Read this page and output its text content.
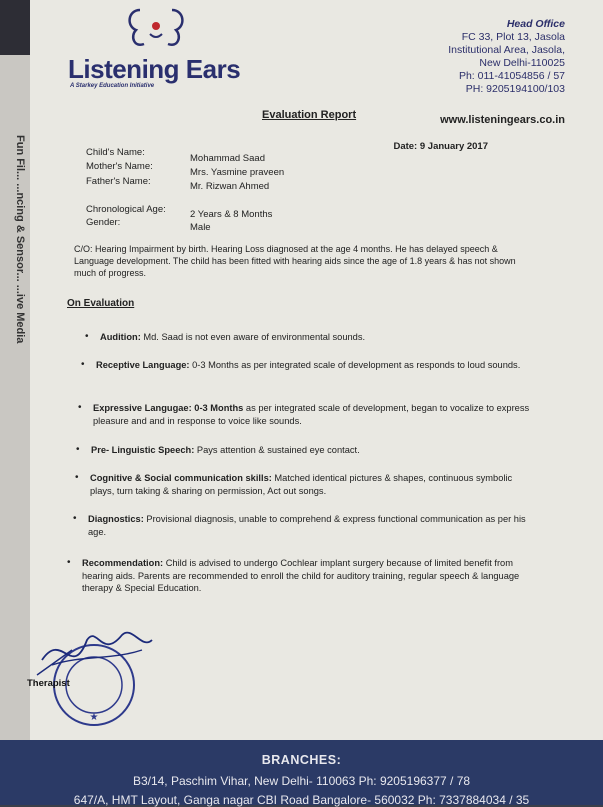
Fun Fil... ...ncing & Sensor... ...ive Media
Listening Ears
A Starkey Education Initiative
Head Office
FC 33, Plot 13, Jasola
Institutional Area, Jasola,
New Delhi-110025
Ph: 011-41054856 / 57
PH: 9205194100/103
www.listeningears.co.in
Evaluation Report
Date: 9 January 2017
Child's Name:
Mohammad Saad
Mother's Name:
Mrs. Yasmine praveen
Father's Name:	Mr. Rizwan Ahmed
Chronological Age:	2 Years & 8 Months
Gender:	Male
C/O: Hearing Impairment by birth. Hearing Loss diagnosed at the age 4 months. He has delayed speech & Language development. The child has been fitted with hearing aids since the age of 1.8 years & has not shown much of progress.
On Evaluation
• Audition: Md. Saad is not even aware of environmental sounds.
• Receptive Language: 0-3 Months as per integrated scale of development as responds to loud sounds.
• Expressive Langugae: 0-3 Months as per integrated scale of development, began to vocalize to express pleasure and and in response to voice like sounds.
• Pre- Linguistic Speech: Pays attention & sustained eye contact.
• Cognitive & Social communication skills: Matched identical pictures & shapes, continuous symbolic plays, turn taking & sharing on permission, Act out songs.
• Diagnostics: Provisional diagnosis, unable to comprehend & express functional communication as per his age.
• Recommendation: Child is advised to undergo Cochlear implant surgery because of limited benefit from hearing aids. Parents are recommended to enroll the child for auditory training, regular speech & language therapy & Special Education.
★
Therapist
BRANCHES:
B3/14, Paschim Vihar, New Delhi- 110063 Ph: 9205196377 / 78
647/A, HMT Layout, Ganga nagar CBI Road Bangalore- 560032 Ph: 7337884034 / 35
